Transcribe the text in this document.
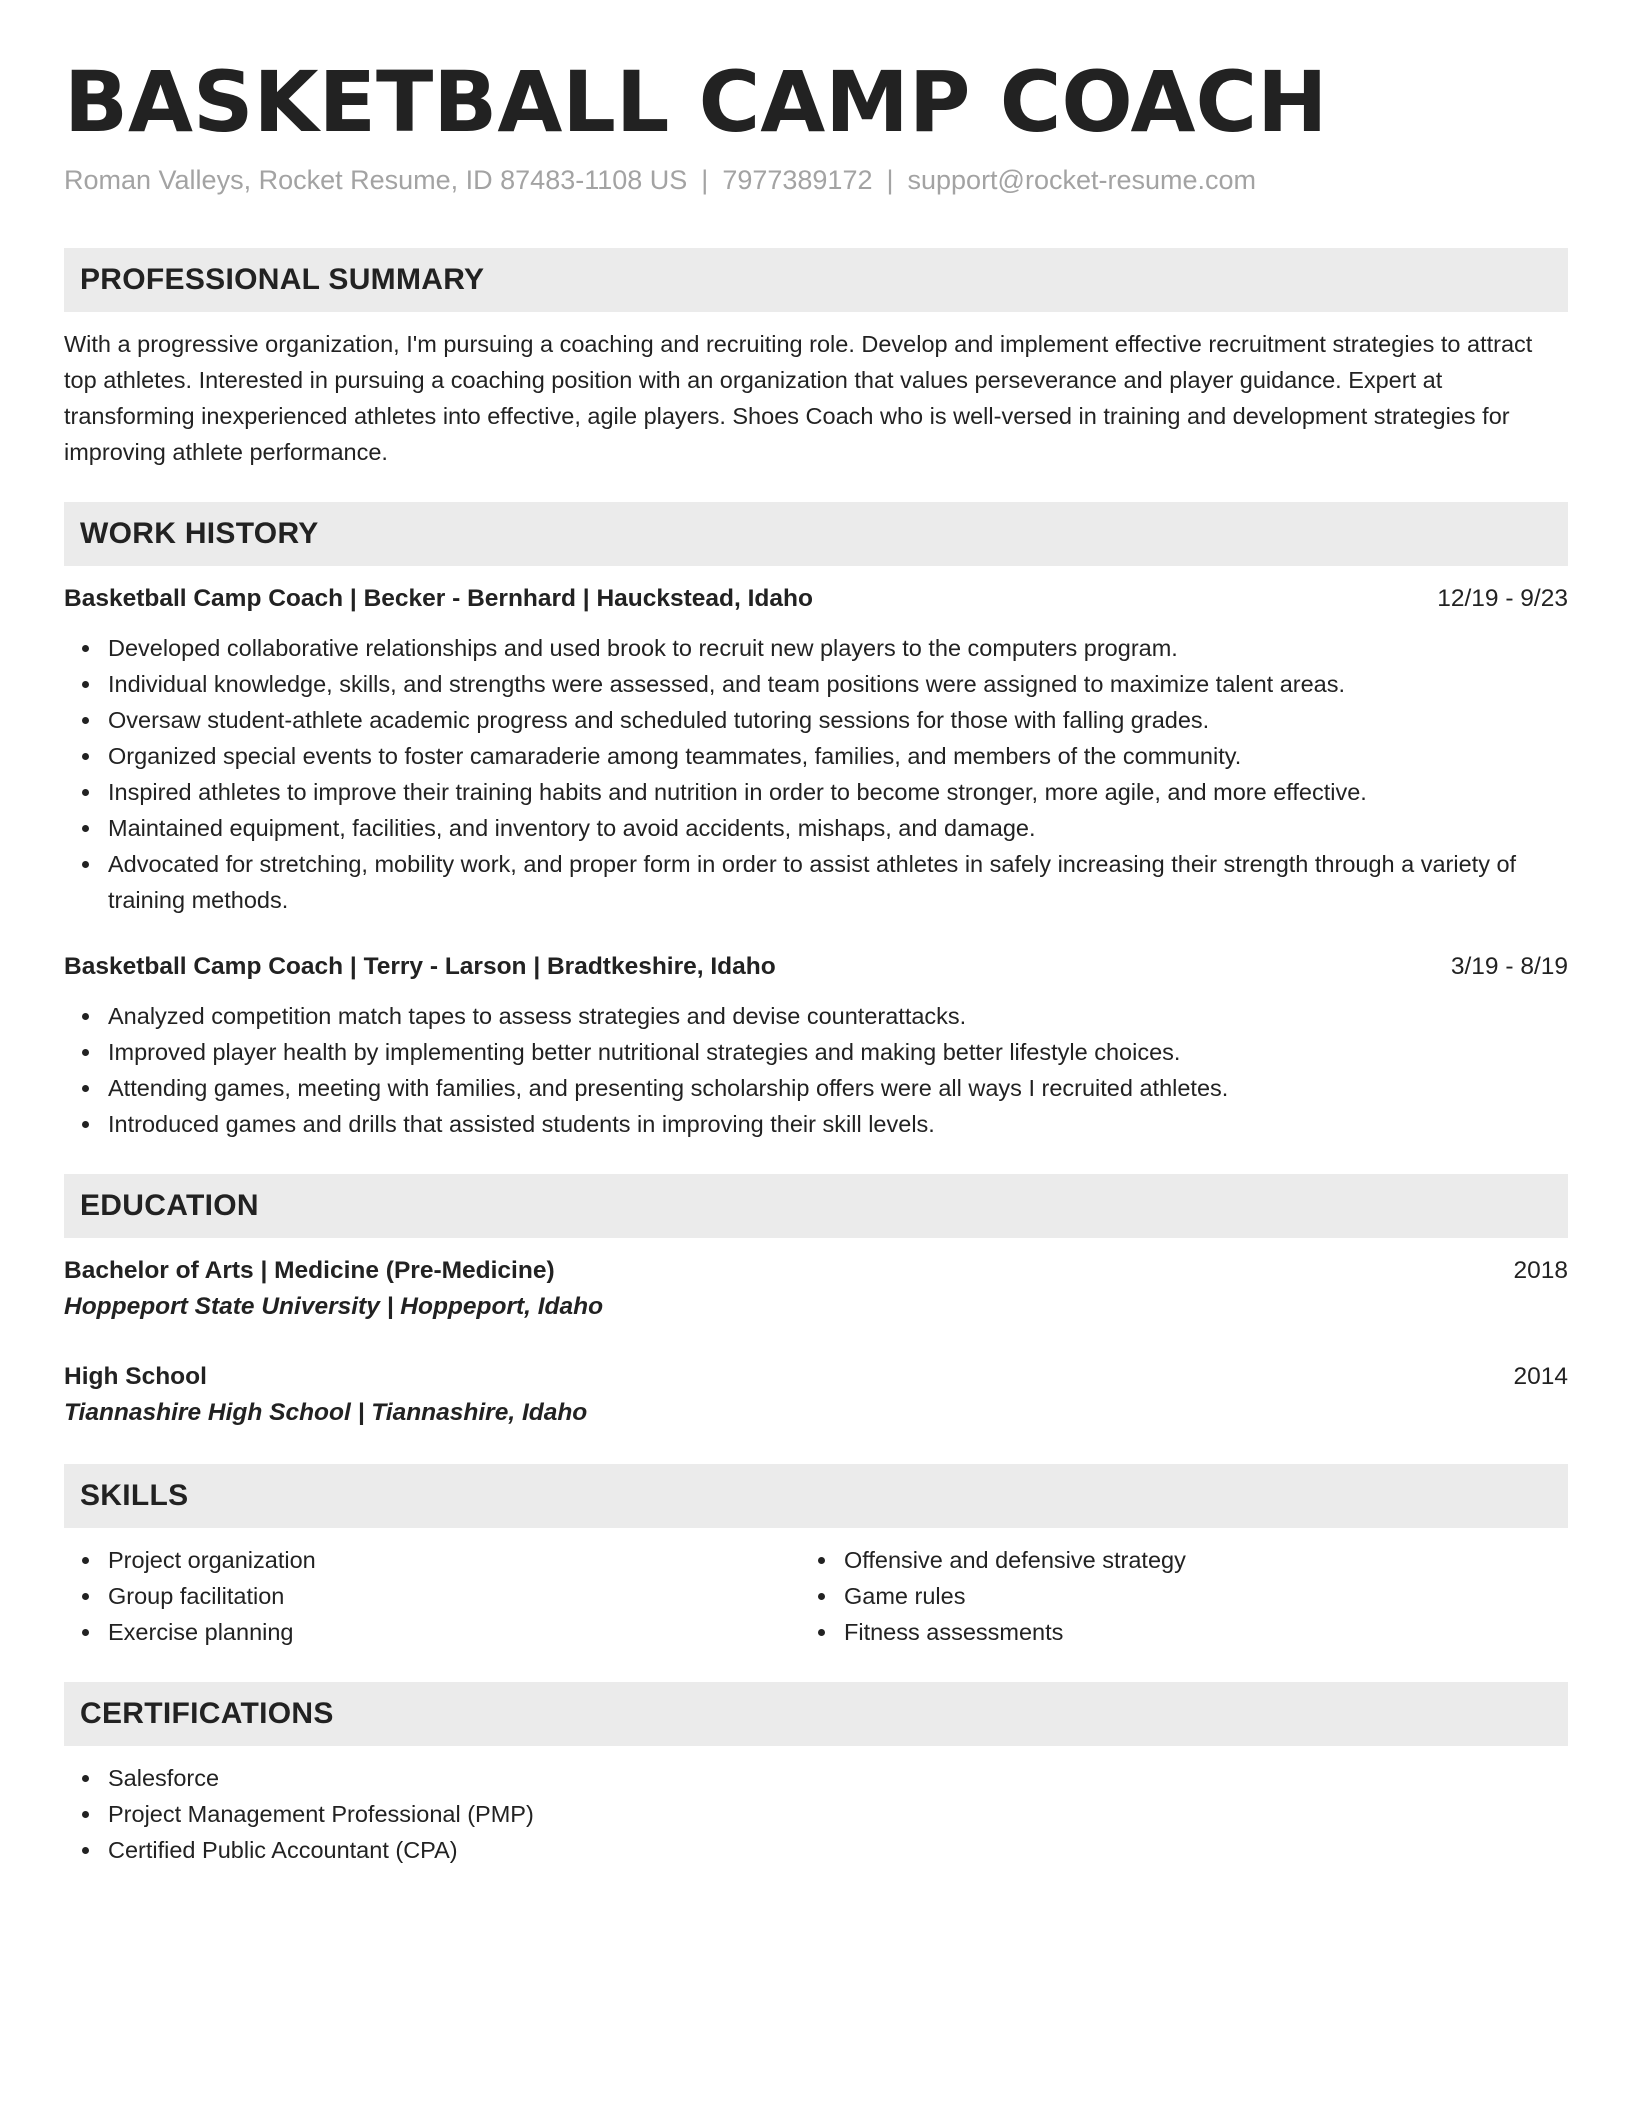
BASKETBALL CAMP COACH
Roman Valleys, Rocket Resume, ID 87483-1108 US | 7977389172 | support@rocket-resume.com
PROFESSIONAL SUMMARY

With a progressive organization, I'm pursuing a coaching and recruiting role. Develop and implement effective recruitment strategies to attract top athletes. Interested in pursuing a coaching position with an organization that values perseverance and player guidance. Expert at transforming inexperienced athletes into effective, agile players. Shoes Coach who is well-versed in training and development strategies for improving athlete performance.

WORK HISTORY
Basketball Camp Coach | Becker - Bernhard | Hauckstead, Idaho	12/19 - 9/23
Developed collaborative relationships and used brook to recruit new players to the computers program.
Individual knowledge, skills, and strengths were assessed, and team positions were assigned to maximize talent areas.
Oversaw student-athlete academic progress and scheduled tutoring sessions for those with falling grades.
Organized special events to foster camaraderie among teammates, families, and members of the community.
Inspired athletes to improve their training habits and nutrition in order to become stronger, more agile, and more effective.
Maintained equipment, facilities, and inventory to avoid accidents, mishaps, and damage.
Advocated for stretching, mobility work, and proper form in order to assist athletes in safely increasing their strength through a variety of training methods.
Basketball Camp Coach | Terry - Larson | Bradtkeshire, Idaho	3/19 - 8/19
Analyzed competition match tapes to assess strategies and devise counterattacks.
Improved player health by implementing better nutritional strategies and making better lifestyle choices.
Attending games, meeting with families, and presenting scholarship offers were all ways I recruited athletes.
Introduced games and drills that assisted students in improving their skill levels.
EDUCATION
Bachelor of Arts | Medicine (Pre-Medicine)	2018
Hoppeport State University | Hoppeport, Idaho
High School	2014
Tiannashire High School | Tiannashire, Idaho
SKILLS
Project organization
Group facilitation
Exercise planning
Offensive and defensive strategy
Game rules
Fitness assessments
CERTIFICATIONS
Salesforce
Project Management Professional (PMP)
Certified Public Accountant (CPA)
